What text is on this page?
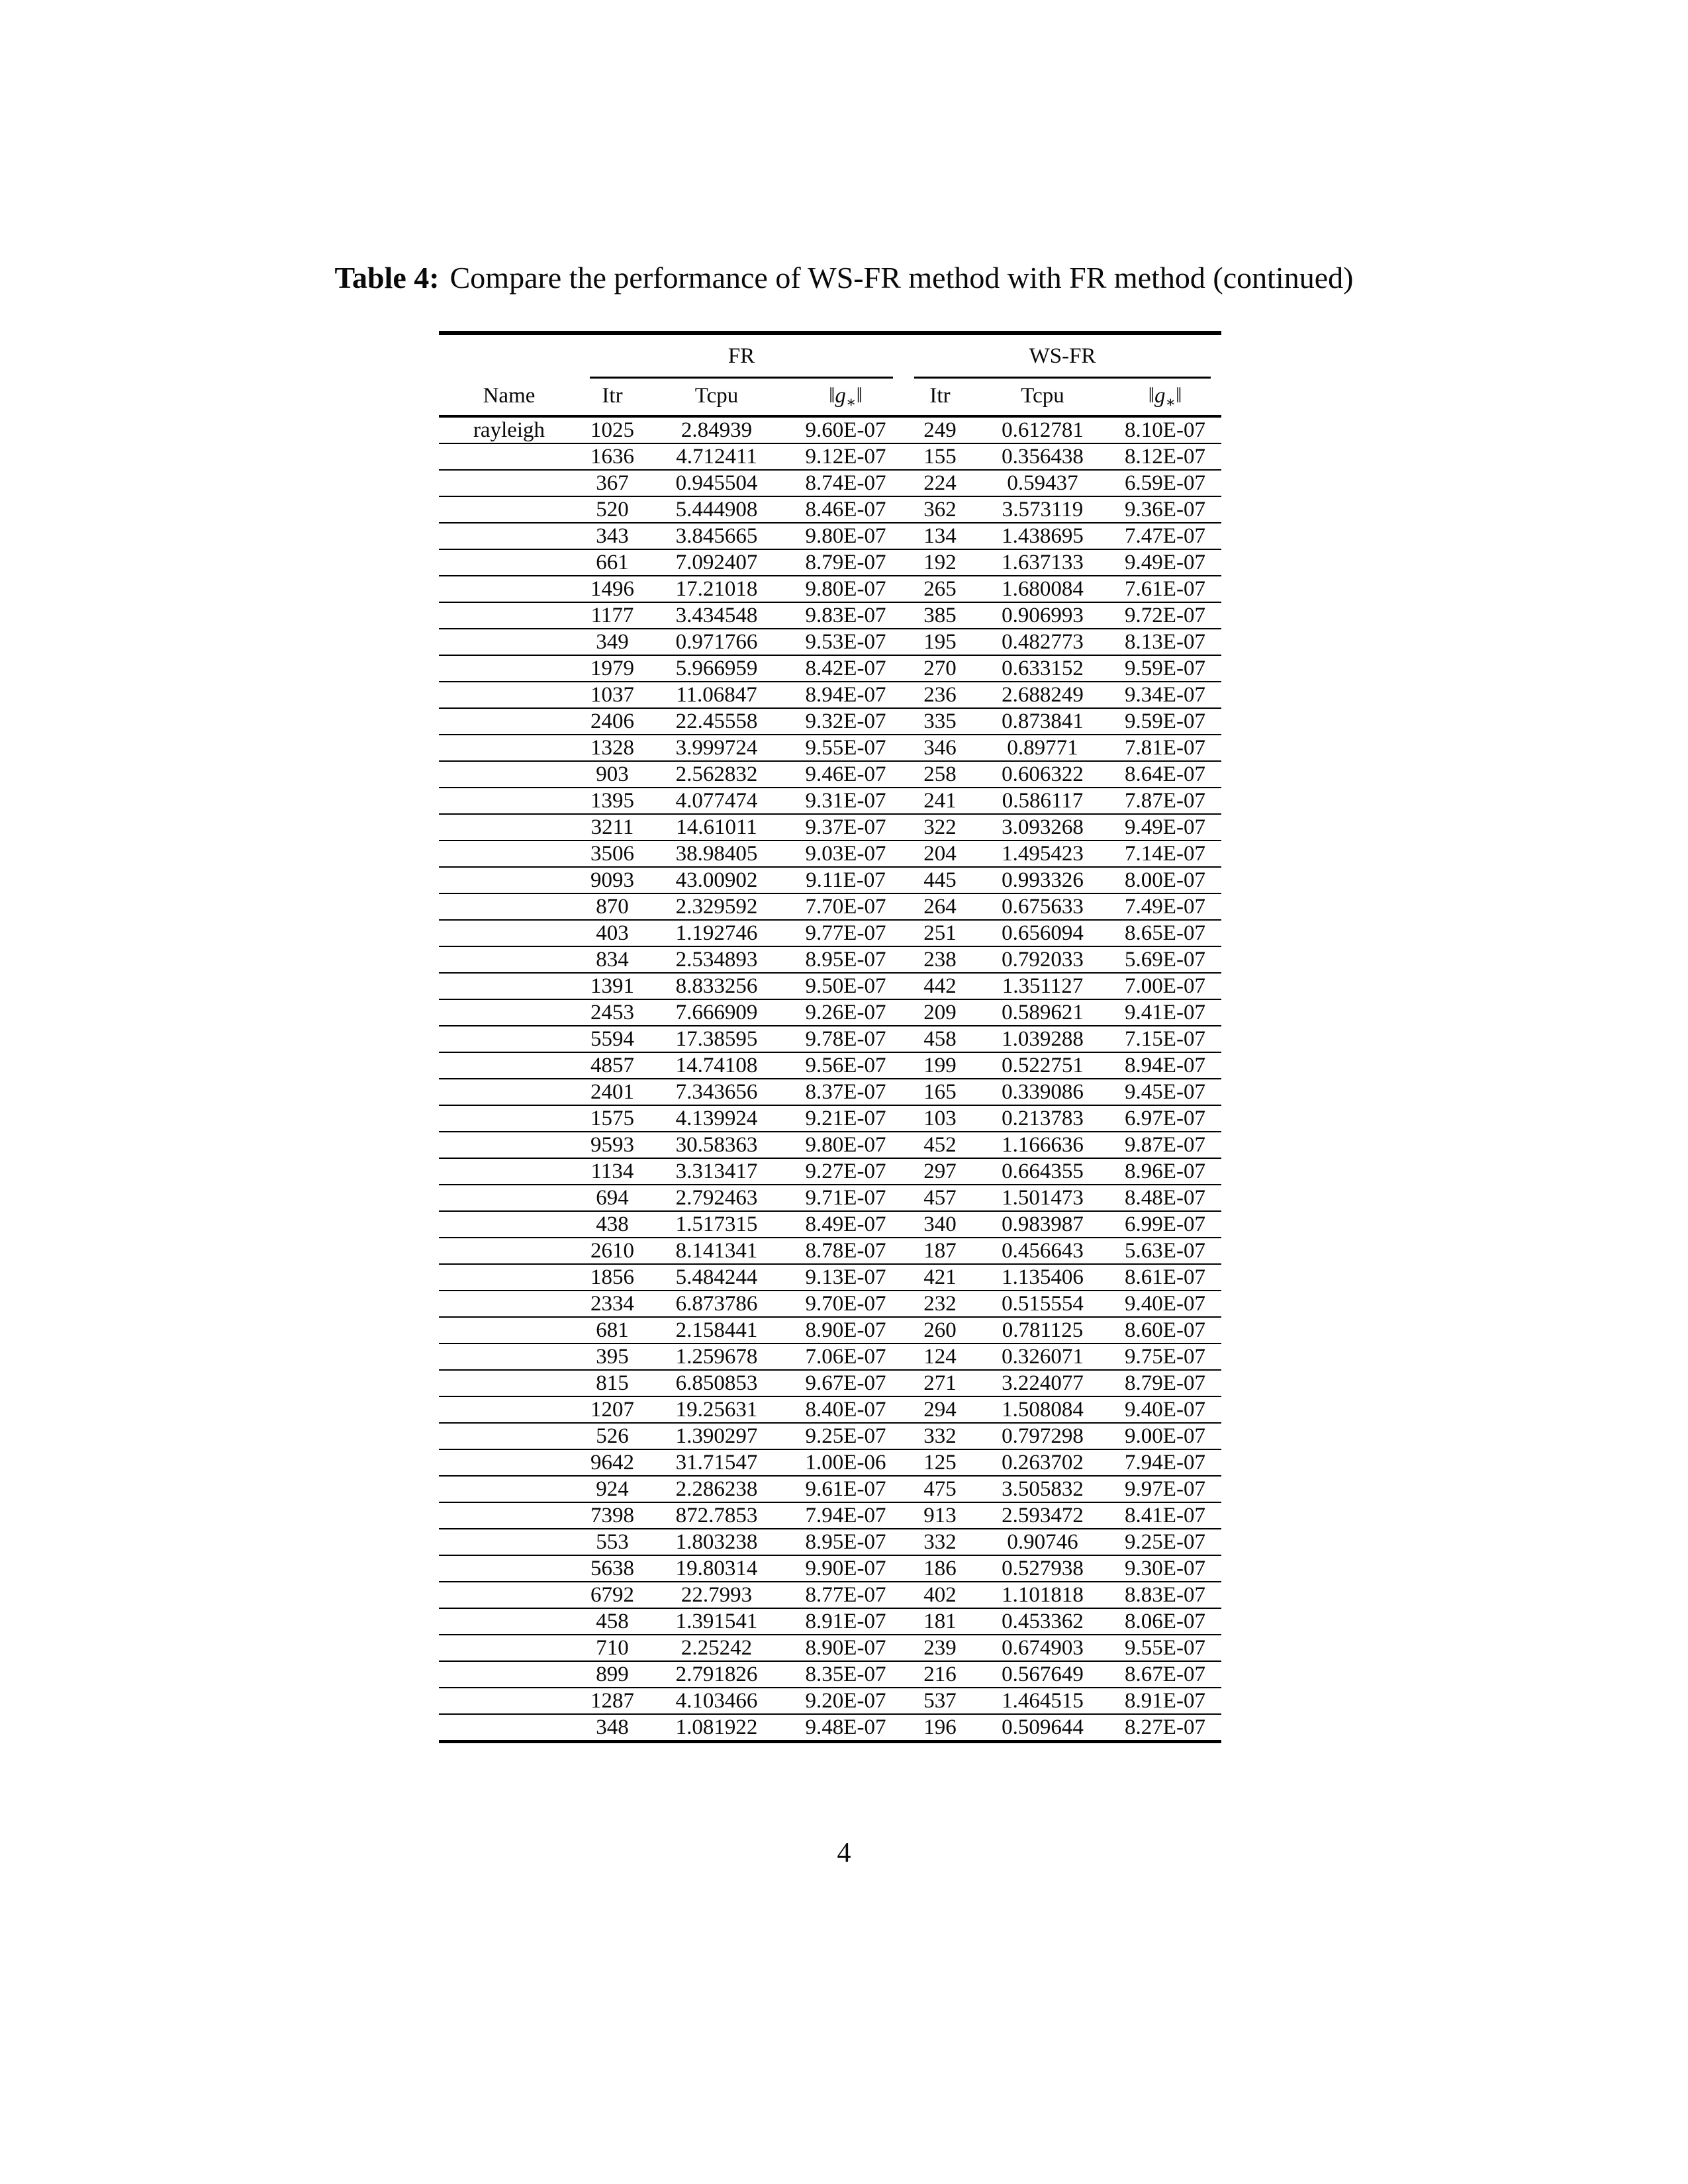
Table 4: Compare the performance of WS-FR method with FR method (continued)

	FR			WS-FR		

Name	Itr	Tcpu	$‖g_∗‖$	Itr	Tcpu	$‖g_∗‖$
rayleigh	1025	2.84939	9.60E-07	249	0.612781	8.10E-07
	1636	4.712411	9.12E-07	155	0.356438	8.12E-07
	367	0.945504	8.74E-07	224	0.59437	6.59E-07
	520	5.444908	8.46E-07	362	3.573119	9.36E-07
	343	3.845665	9.80E-07	134	1.438695	7.47E-07
	661	7.092407	8.79E-07	192	1.637133	9.49E-07
	1496	17.21018	9.80E-07	265	1.680084	7.61E-07
	1177	3.434548	9.83E-07	385	0.906993	9.72E-07
	349	0.971766	9.53E-07	195	0.482773	8.13E-07
	1979	5.966959	8.42E-07	270	0.633152	9.59E-07
	1037	11.06847	8.94E-07	236	2.688249	9.34E-07
	2406	22.45558	9.32E-07	335	0.873841	9.59E-07
	1328	3.999724	9.55E-07	346	0.89771	7.81E-07
	903	2.562832	9.46E-07	258	0.606322	8.64E-07
	1395	4.077474	9.31E-07	241	0.586117	7.87E-07
	3211	14.61011	9.37E-07	322	3.093268	9.49E-07
	3506	38.98405	9.03E-07	204	1.495423	7.14E-07
	9093	43.00902	9.11E-07	445	0.993326	8.00E-07
	870	2.329592	7.70E-07	264	0.675633	7.49E-07
	403	1.192746	9.77E-07	251	0.656094	8.65E-07
	834	2.534893	8.95E-07	238	0.792033	5.69E-07
	1391	8.833256	9.50E-07	442	1.351127	7.00E-07
	2453	7.666909	9.26E-07	209	0.589621	9.41E-07
	5594	17.38595	9.78E-07	458	1.039288	7.15E-07
	4857	14.74108	9.56E-07	199	0.522751	8.94E-07
	2401	7.343656	8.37E-07	165	0.339086	9.45E-07
	1575	4.139924	9.21E-07	103	0.213783	6.97E-07
	9593	30.58363	9.80E-07	452	1.166636	9.87E-07
	1134	3.313417	9.27E-07	297	0.664355	8.96E-07
	694	2.792463	9.71E-07	457	1.501473	8.48E-07
	438	1.517315	8.49E-07	340	0.983987	6.99E-07
	2610	8.141341	8.78E-07	187	0.456643	5.63E-07
	1856	5.484244	9.13E-07	421	1.135406	8.61E-07
	2334	6.873786	9.70E-07	232	0.515554	9.40E-07
	681	2.158441	8.90E-07	260	0.781125	8.60E-07
	395	1.259678	7.06E-07	124	0.326071	9.75E-07
	815	6.850853	9.67E-07	271	3.224077	8.79E-07
	1207	19.25631	8.40E-07	294	1.508084	9.40E-07
	526	1.390297	9.25E-07	332	0.797298	9.00E-07
	9642	31.71547	1.00E-06	125	0.263702	7.94E-07
	924	2.286238	9.61E-07	475	3.505832	9.97E-07
	7398	872.7853	7.94E-07	913	2.593472	8.41E-07
	553	1.803238	8.95E-07	332	0.90746	9.25E-07
	5638	19.80314	9.90E-07	186	0.527938	9.30E-07
	6792	22.7993	8.77E-07	402	1.101818	8.83E-07
	458	1.391541	8.91E-07	181	0.453362	8.06E-07
	710	2.25242	8.90E-07	239	0.674903	9.55E-07
	899	2.791826	8.35E-07	216	0.567649	8.67E-07
	1287	4.103466	9.20E-07	537	1.464515	8.91E-07
	348	1.081922	9.48E-07	196	0.509644	8.27E-07
4
